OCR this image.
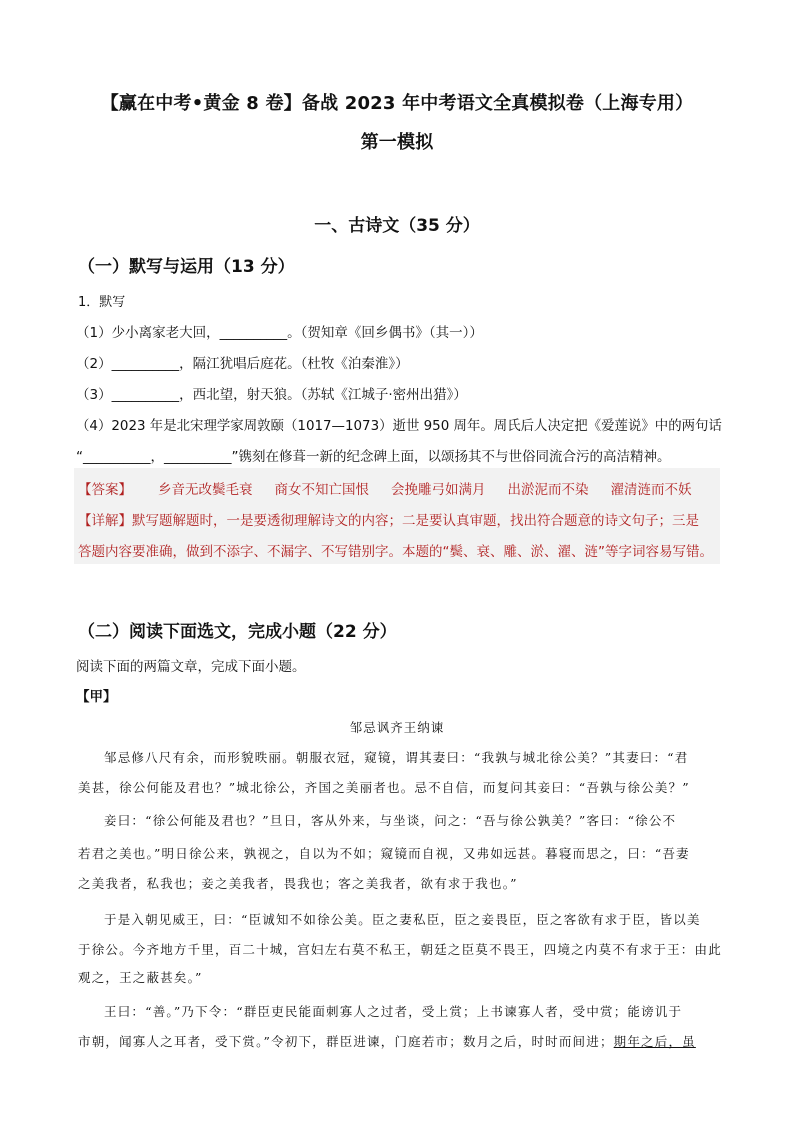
【赢在中考•黄金 8 卷】备战 2023 年中考语文全真模拟卷（上海专用）
第一模拟
一、古诗文（35 分）
（一）默写与运用（13 分）
1．默写
（1）少小离家老大回，__________。（贺知章《回乡偶书》（其一））
（2）__________，隔江犹唱后庭花。（杜牧《泊秦淮》）
（3）__________，西北望，射天狼。（苏轼《江城子·密州出猎》）
（4）2023 年是北宋理学家周敦颐（1017—1073）逝世 950 周年。周氏后人决定把《爱莲说》中的两句话
“__________，__________”镌刻在修葺一新的纪念碑上面，以颂扬其不与世俗同流合污的高洁精神。
【答案】 乡音无改鬓毛衰 商女不知亡国恨 会挽雕弓如满月 出淤泥而不染 濯清涟而不妖
【详解】默写题解题时，一是要透彻理解诗文的内容；二是要认真审题，找出符合题意的诗文句子；三是
答题内容要准确，做到不添字、不漏字、不写错别字。本题的“鬓、衰、雕、淤、濯、涟”等字词容易写错。
（二）阅读下面选文，完成小题（22 分）
阅读下面的两篇文章，完成下面小题。
【甲】
邹忌讽齐王纳谏
邹忌修八尺有余，而形貌昳丽。朝服衣冠，窥镜，谓其妻曰：“我孰与城北徐公美？”其妻曰：“君
美甚，徐公何能及君也？”城北徐公，齐国之美丽者也。忌不自信，而复问其妾曰：“吾孰与徐公美？”
妾曰：“徐公何能及君也？”旦日，客从外来，与坐谈，问之：“吾与徐公孰美？”客曰：“徐公不
若君之美也。”明日徐公来，孰视之，自以为不如；窥镜而自视，又弗如远甚。暮寝而思之，曰：“吾妻
之美我者，私我也；妾之美我者，畏我也；客之美我者，欲有求于我也。”
于是入朝见威王，曰：“臣诚知不如徐公美。臣之妻私臣，臣之妾畏臣，臣之客欲有求于臣，皆以美
于徐公。今齐地方千里，百二十城，宫妇左右莫不私王，朝廷之臣莫不畏王，四境之内莫不有求于王：由此
观之，王之蔽甚矣。”
王曰：“善。”乃下令：“群臣吏民能面刺寡人之过者，受上赏；上书谏寡人者，受中赏；能谤讥于
市朝，闻寡人之耳者，受下赏。”令初下，群臣进谏，门庭若市；数月之后，时时而间进；期年之后，虽
